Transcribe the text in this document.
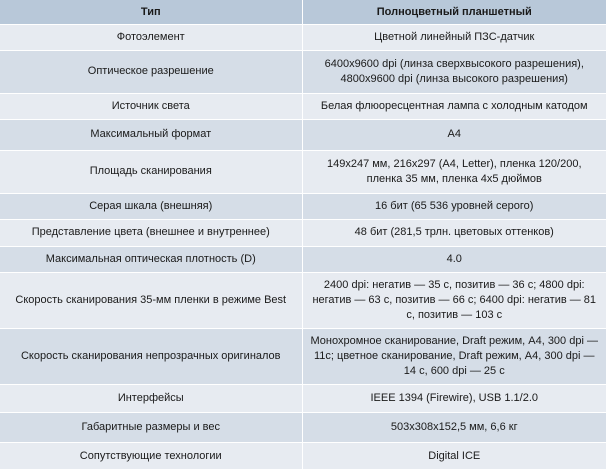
Тип	Полноцветный планшетный
Фотоэлемент	Цветной линейный ПЗС-датчик
Оптическое разрешение	6400x9600 dpi (линза сверхвысокого разрешения), 4800x9600 dpi (линза высокого разрешения)
Источник света	Белая флюоресцентная лампа с холодным катодом
Максимальный формат	A4
Площадь сканирования	149x247 мм, 216x297 (A4, Letter), пленка 120/200, пленка 35 мм, пленка 4x5 дюймов
Серая шкала (внешняя)	16 бит (65 536 уровней серого)
Представление цвета (внешнее и внутреннее)	48 бит (281,5 трлн. цветовых оттенков)
Максимальная оптическая плотность (D)	4.0
Скорость сканирования 35-мм пленки в режиме Best	2400 dpi: негатив — 35 с, позитив — 36 с; 4800 dpi: негатив — 63 с, позитив — 66 с; 6400 dpi: негатив — 81 с, позитив — 103 с
Скорость сканирования непрозрачных оригиналов	Монохромное сканирование, Draft режим, A4, 300 dpi — 11с; цветное сканирование, Draft режим, A4, 300 dpi — 14 с, 600 dpi — 25 с
Интерфейсы	IEEE 1394 (Firewire), USB 1.1/2.0
Габаритные размеры и вес	503x308x152,5 мм, 6,6 кг
Сопутствующие технологии	Digital ICE
